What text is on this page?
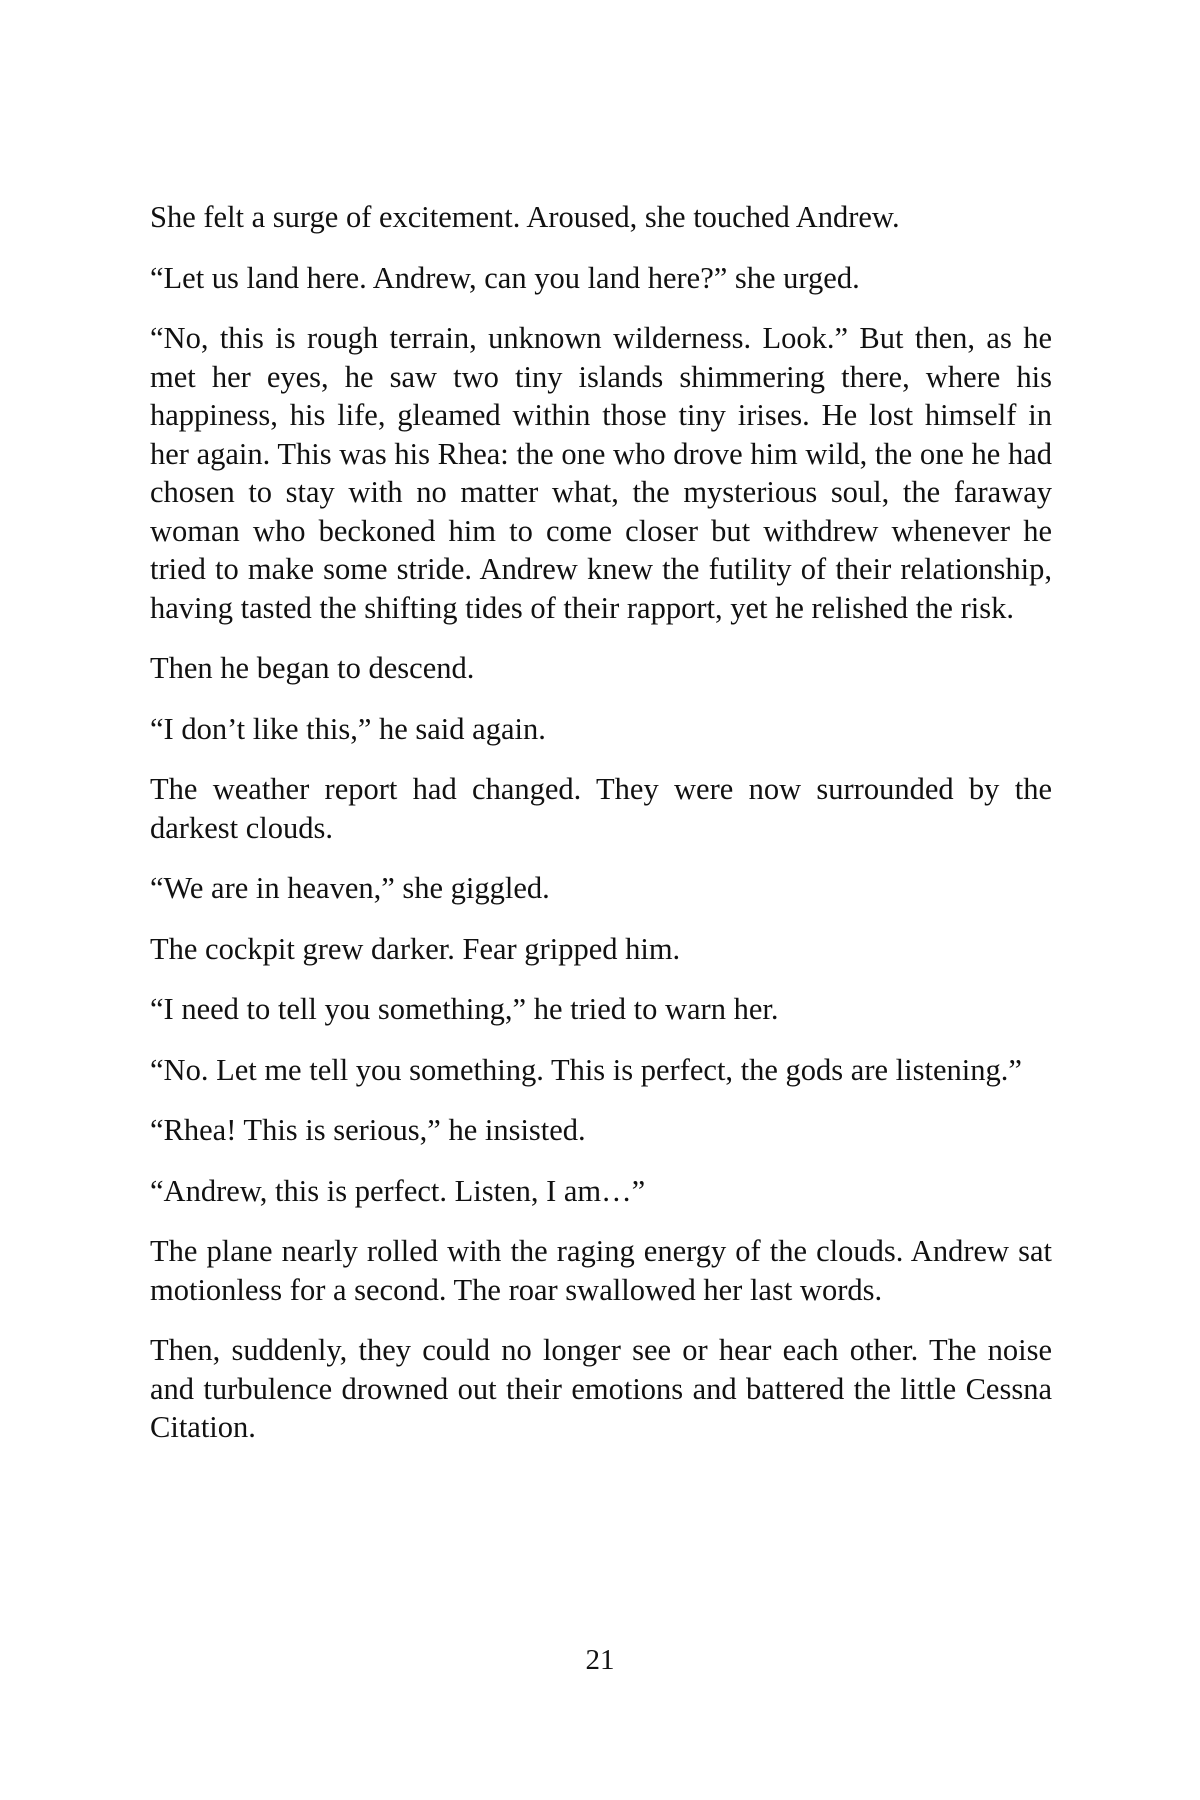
She felt a surge of excitement. Aroused, she touched Andrew.

“Let us land here. Andrew, can you land here?” she urged.

“No, this is rough terrain, unknown wilderness. Look.” But then, as he met her eyes, he saw two tiny islands shimmering there, where his happiness, his life, gleamed within those tiny irises. He lost himself in her again. This was his Rhea: the one who drove him wild, the one he had chosen to stay with no matter what, the mysterious soul, the faraway woman who beckoned him to come closer but withdrew whenever he tried to make some stride. Andrew knew the futility of their relationship, having tasted the shifting tides of their rapport, yet he relished the risk.

Then he began to descend.

“I don’t like this,” he said again.

The weather report had changed. They were now surrounded by the darkest clouds.

“We are in heaven,” she giggled.

The cockpit grew darker. Fear gripped him.

“I need to tell you something,” he tried to warn her.

“No. Let me tell you something. This is perfect, the gods are listening.”

“Rhea! This is serious,” he insisted.

“Andrew, this is perfect. Listen, I am…”

The plane nearly rolled with the raging energy of the clouds. Andrew sat motionless for a second. The roar swallowed her last words.

Then, suddenly, they could no longer see or hear each other. The noise and turbulence drowned out their emotions and battered the little Cessna Citation.

21
